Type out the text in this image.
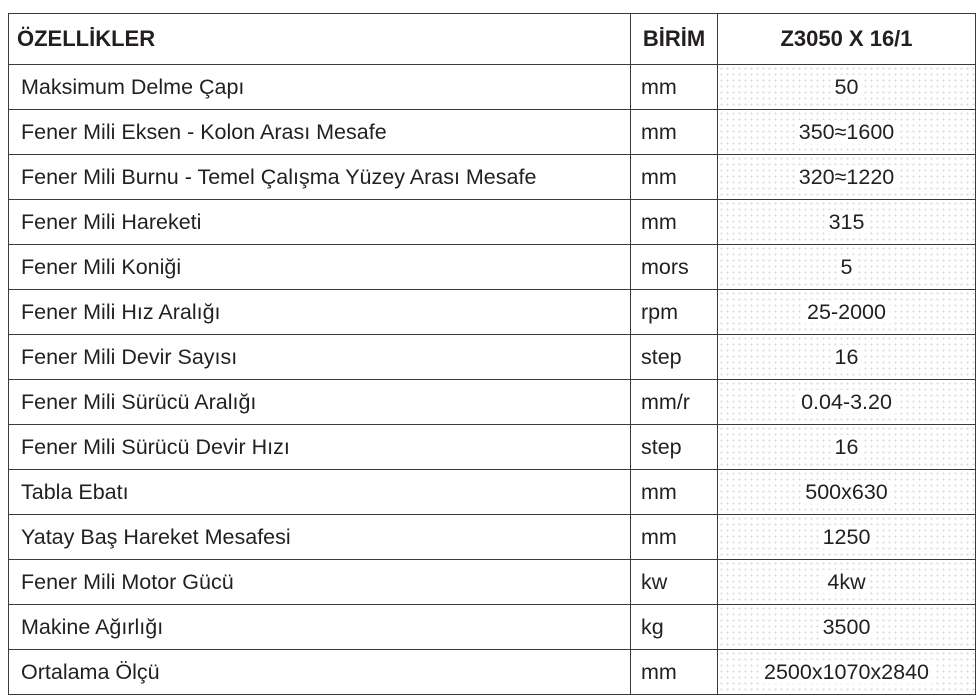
ÖZELLİKLER	BİRİM	Z3050 X 16/1
Maksimum Delme Çapı	mm	50
Fener Mili Eksen - Kolon Arası Mesafe	mm	350≈1600
Fener Mili Burnu - Temel Çalışma Yüzey Arası Mesafe	mm	320≈1220
Fener Mili Hareketi	mm	315
Fener Mili Koniği	mors	5
Fener Mili Hız Aralığı	rpm	25-2000
Fener Mili Devir Sayısı	step	16
Fener Mili Sürücü Aralığı	mm/r	0.04-3.20
Fener Mili Sürücü Devir Hızı	step	16
Tabla Ebatı	mm	500x630
Yatay Baş Hareket Mesafesi	mm	1250
Fener Mili Motor Gücü	kw	4kw
Makine Ağırlığı	kg	3500
Ortalama Ölçü	mm	2500x1070x2840
